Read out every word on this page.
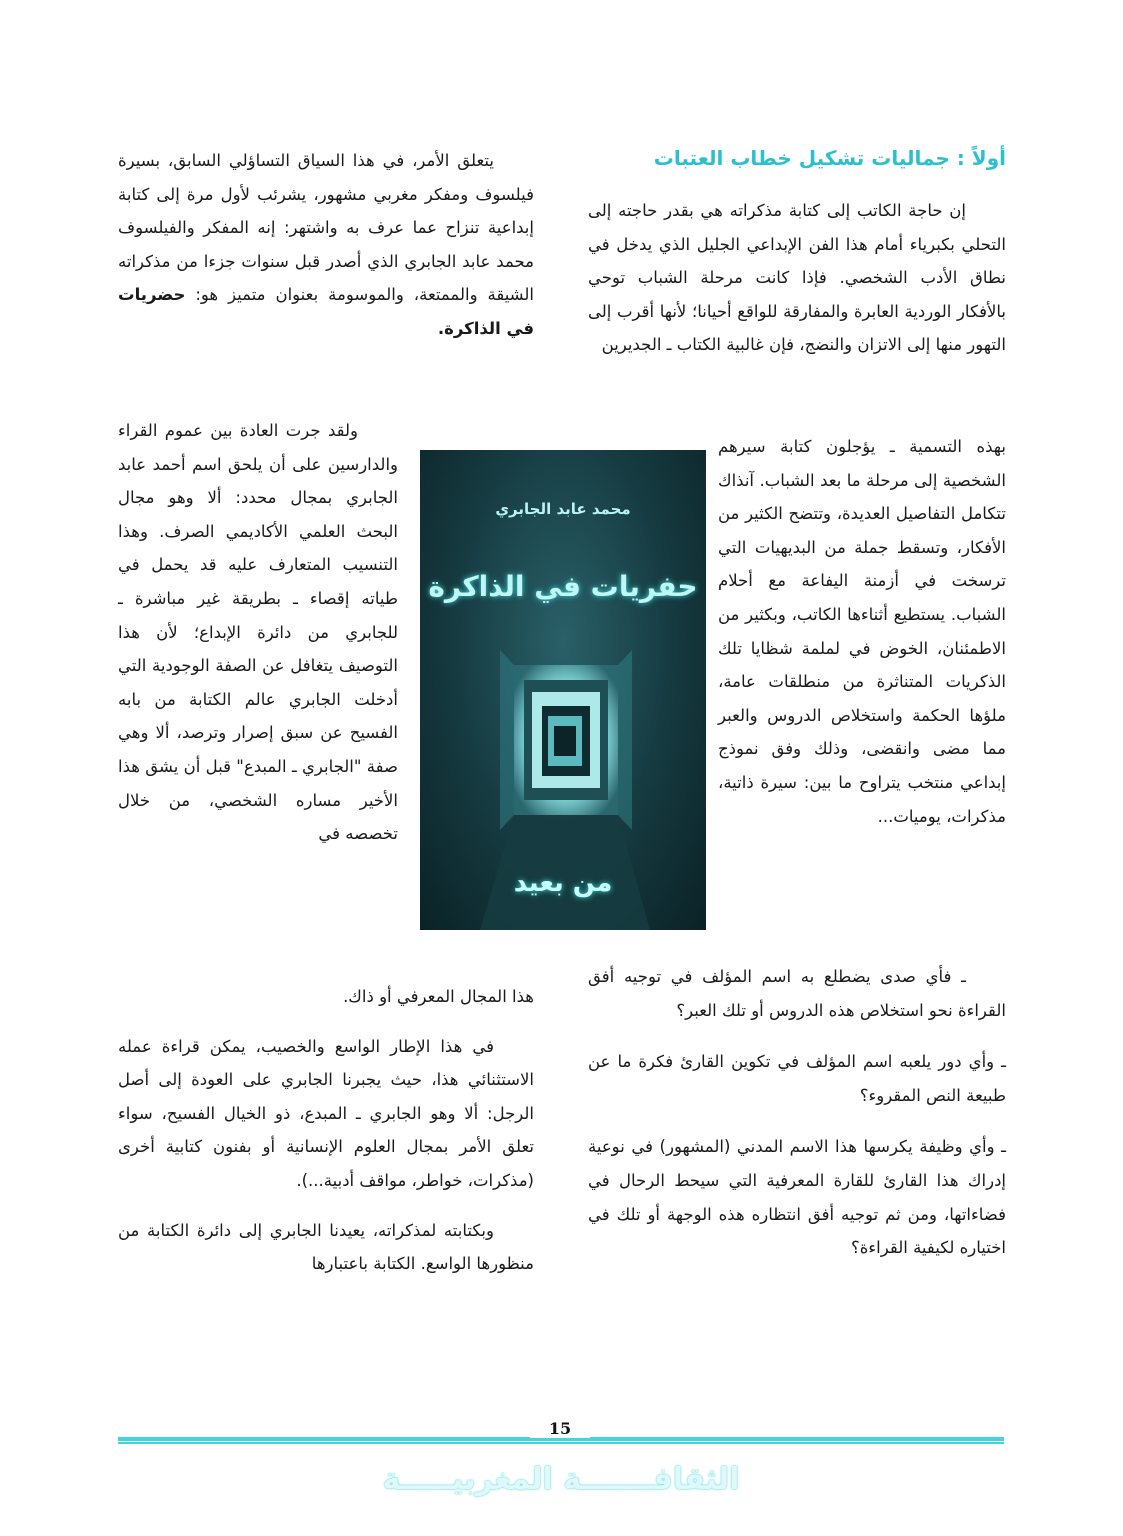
أولاً : جماليات تشكيل خطاب العتبات

إن حاجة الكاتب إلى كتابة مذكراته هي بقدر حاجته إلى التحلي بكبرياء أمام هذا الفن الإبداعي الجليل الذي يدخل في نطاق الأدب الشخصي. فإذا كانت مرحلة الشباب توحي بالأفكار الوردية العابرة والمفارقة للواقع أحيانا؛ لأنها أقرب إلى التهور منها إلى الاتزان والنضج، فإن غالبية الكتاب ـ الجديرين

بهذه التسمية ـ يؤجلون كتابة سيرهم الشخصية إلى مرحلة ما بعد الشباب. آنذاك تتكامل التفاصيل العديدة، وتتضح الكثير من الأفكار، وتسقط جملة من البديهيات التي ترسخت في أزمنة اليفاعة مع أحلام الشباب. يستطيع أثناءها الكاتب، وبكثير من الاطمئنان، الخوض في لملمة شظايا تلك الذكريات المتناثرة من منطلقات عامة، ملؤها الحكمة واستخلاص الدروس والعبر مما مضى وانقضى، وذلك وفق نموذج إبداعي منتخب يتراوح ما بين: سيرة ذاتية، مذكرات، يوميات...

ـ فأي صدى يضطلع به اسم المؤلف في توجيه أفق القراءة نحو استخلاص هذه الدروس أو تلك العبر؟

ـ وأي دور يلعبه اسم المؤلف في تكوين القارئ فكرة ما عن طبيعة النص المقروء؟

ـ وأي وظيفة يكرسها هذا الاسم المدني (المشهور) في نوعية إدراك هذا القارئ للقارة المعرفية التي سيحط الرحال في فضاءاتها، ومن ثم توجيه أفق انتظاره هذه الوجهة أو تلك في اختياره لكيفية القراءة؟

يتعلق الأمر، في هذا السياق التساؤلي السابق، بسيرة فيلسوف ومفكر مغربي مشهور، يشرئب لأول مرة إلى كتابة إبداعية تنزاح عما عرف به واشتهر: إنه المفكر والفيلسوف محمد عابد الجابري الذي أصدر قبل سنوات جزءا من مذكراته الشيقة والممتعة، والموسومة بعنوان متميز هو: حضريات في الذاكرة.

ولقد جرت العادة بين عموم القراء والدارسين على أن يلحق اسم أحمد عابد الجابري بمجال محدد: ألا وهو مجال البحث العلمي الأكاديمي الصرف. وهذا التنسيب المتعارف عليه قد يحمل في طياته إقصاء ـ بطريقة غير مباشرة ـ للجابري من دائرة الإبداع؛ لأن هذا التوصيف يتغافل عن الصفة الوجودية التي أدخلت الجابري عالم الكتابة من بابه الفسيح عن سبق إصرار وترصد، ألا وهي صفة "الجابري ـ المبدع" قبل أن يشق هذا الأخير مساره الشخصي، من خلال تخصصه في

هذا المجال المعرفي أو ذاك.

في هذا الإطار الواسع والخصيب، يمكن قراءة عمله الاستثنائي هذا، حيث يجبرنا الجابري على العودة إلى أصل الرجل: ألا وهو الجابري ـ المبدع، ذو الخيال الفسيح، سواء تعلق الأمر بمجال العلوم الإنسانية أو بفنون كتابية أخرى (مذكرات، خواطر، مواقف أدبية...).

وبكتابته لمذكراته، يعيدنا الجابري إلى دائرة الكتابة من منظورها الواسع. الكتابة باعتبارها

محمد عابد الجابري

حفريات في الذاكرة

من بعيد

15

الثقافـــــــة المغربيـــــة
